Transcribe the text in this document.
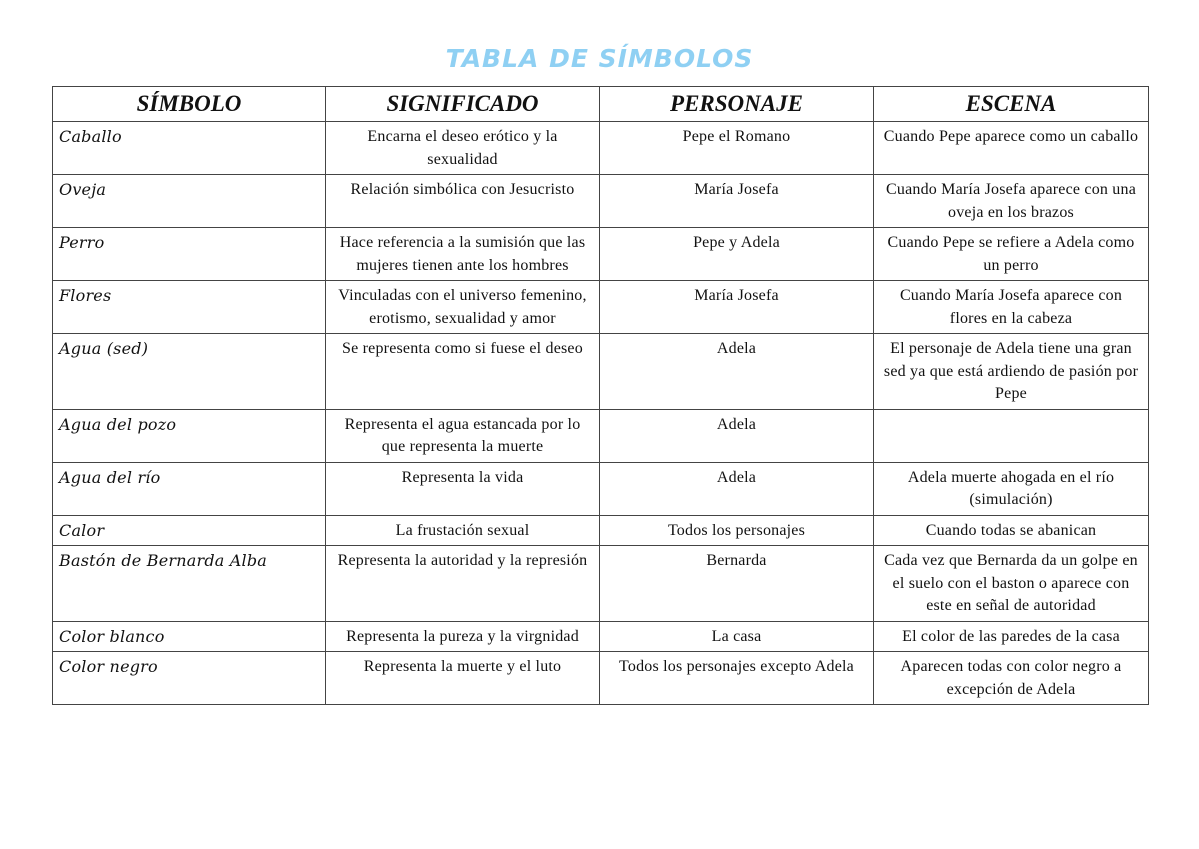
TABLA DE SÍMBOLOS
SÍMBOLO	SIGNIFICADO	PERSONAJE	ESCENA
Caballo	Encarna el deseo erótico y la sexualidad	Pepe el Romano	Cuando Pepe aparece como un caballo
Oveja	Relación simbólica con Jesucristo	María Josefa	Cuando María Josefa aparece con una oveja en los brazos
Perro	Hace referencia a la sumisión que las mujeres tienen ante los hombres	Pepe y Adela	Cuando Pepe se refiere a Adela como un perro
Flores	Vinculadas con el universo femenino, erotismo, sexualidad y amor	María Josefa	Cuando María Josefa aparece con flores en la cabeza
Agua (sed)	Se representa como si fuese el deseo	Adela	El personaje de Adela tiene una gran sed ya que está ardiendo de pasión por Pepe
Agua del pozo	Representa el agua estancada por lo que representa la muerte	Adela	
Agua del río	Representa la vida	Adela	Adela muerte ahogada en el río (simulación)
Calor	La frustación sexual	Todos los personajes	Cuando todas se abanican
Bastón de Bernarda Alba	Representa la autoridad y la represión	Bernarda	Cada vez que Bernarda da un golpe en el suelo con el baston o aparece con este en señal de autoridad
Color blanco	Representa la pureza y la virgnidad	La casa	El color de las paredes de la casa
Color negro	Representa la muerte y el luto	Todos los personajes excepto Adela	Aparecen todas con color negro a excepción de Adela
